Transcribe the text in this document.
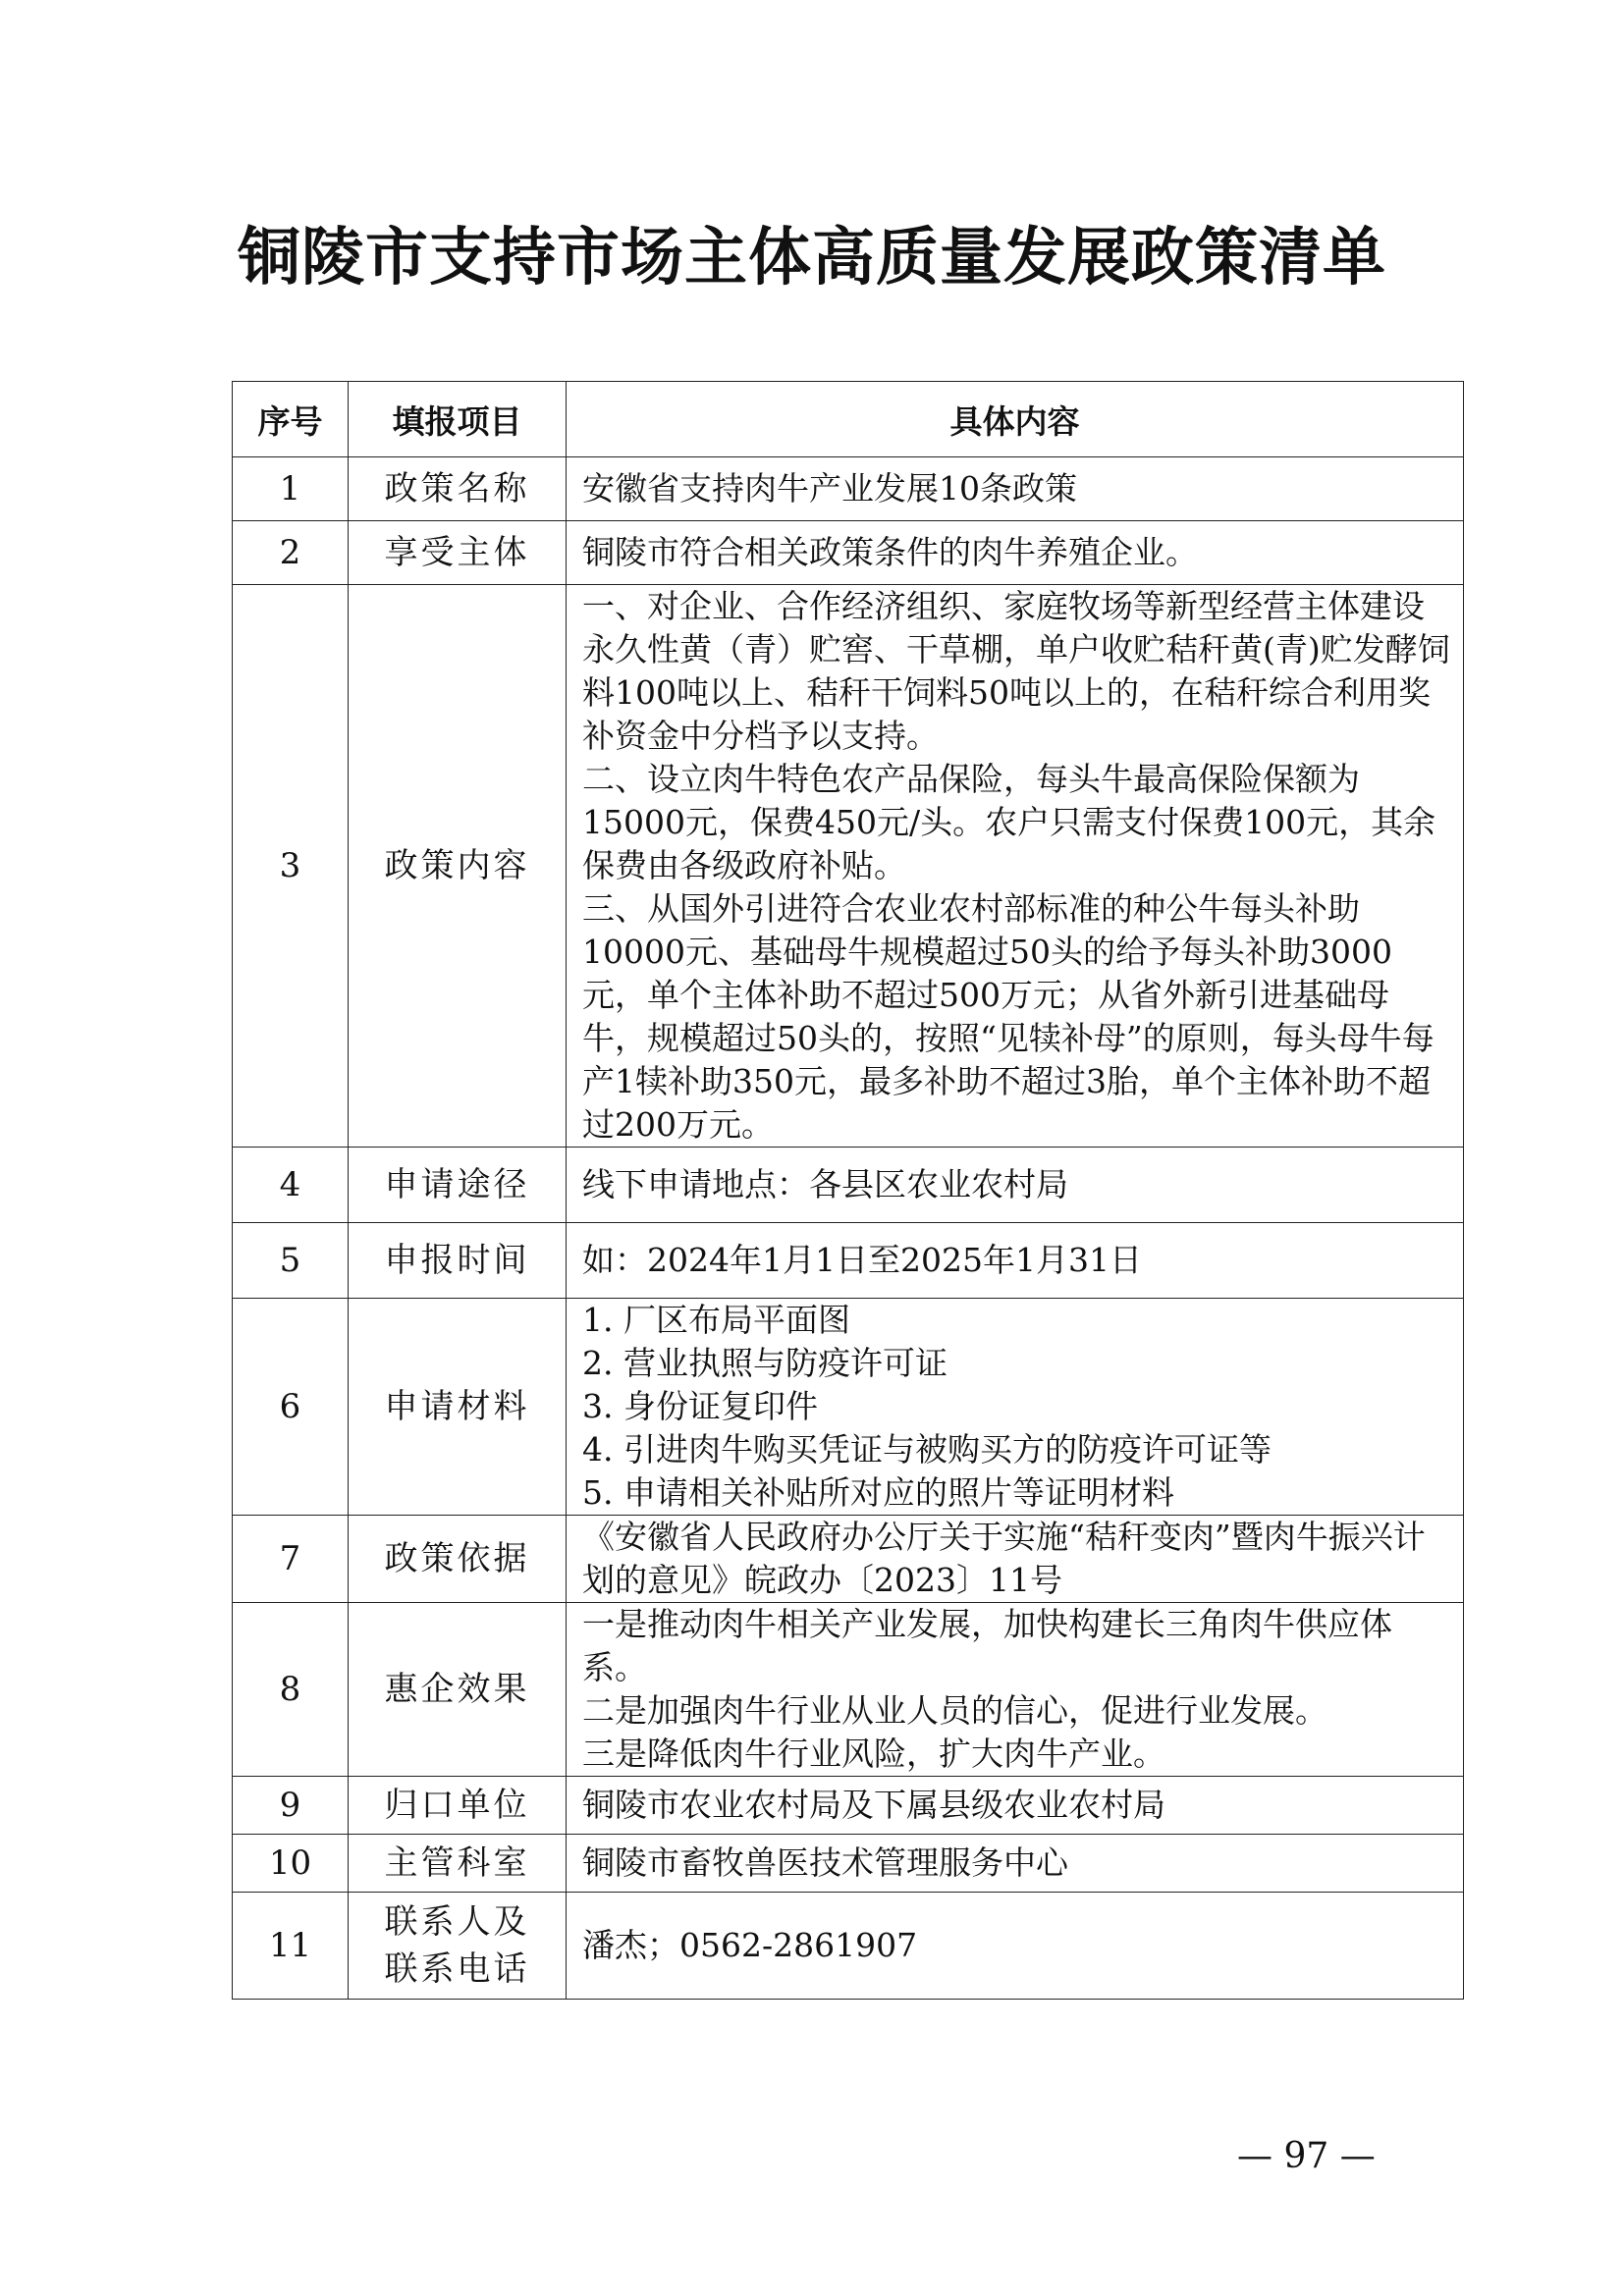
铜陵市支持市场主体高质量发展政策清单
序号	填报项目	具体内容
1	政策名称	安徽省支持肉牛产业发展10条政策

2	享受主体	铜陵市符合相关政策条件的肉牛养殖企业。

3	政策内容	一、对企业、合作经济组织、家庭牧场等新型经营主体建设永久性黄（青）贮窖、干草棚，单户收贮秸秆黄(青)贮发酵饲料100吨以上、秸秆干饲料50吨以上的，在秸秆综合利用奖补资金中分档予以支持。
二、设立肉牛特色农产品保险，每头牛最高保险保额为15000元，保费450元/头。农户只需支付保费100元，其余保费由各级政府补贴。
三、从国外引进符合农业农村部标准的种公牛每头补助10000元、基础母牛规模超过50头的给予每头补助3000元，单个主体补助不超过500万元；从省外新引进基础母牛，规模超过50头的，按照“见犊补母”的原则，每头母牛每产1犊补助350元，最多补助不超过3胎，单个主体补助不超过200万元。

4	申请途径	线下申请地点：各县区农业农村局

5	申报时间	如：2024年1月1日至2025年1月31日

6	申请材料	1. 厂区布局平面图
2. 营业执照与防疫许可证
3. 身份证复印件
4. 引进肉牛购买凭证与被购买方的防疫许可证等
5. 申请相关补贴所对应的照片等证明材料

7	政策依据	《安徽省人民政府办公厅关于实施“秸秆变肉”暨肉牛振兴计划的意见》皖政办〔2023〕11号

8	惠企效果	一是推动肉牛相关产业发展，加快构建长三角肉牛供应体系。
二是加强肉牛行业从业人员的信心，促进行业发展。
三是降低肉牛行业风险，扩大肉牛产业。

9	归口单位	铜陵市农业农村局及下属县级农业农村局

10	主管科室	铜陵市畜牧兽医技术管理服务中心

11	联系人及联系电话	潘杰；0562-2861907
— 97 —
